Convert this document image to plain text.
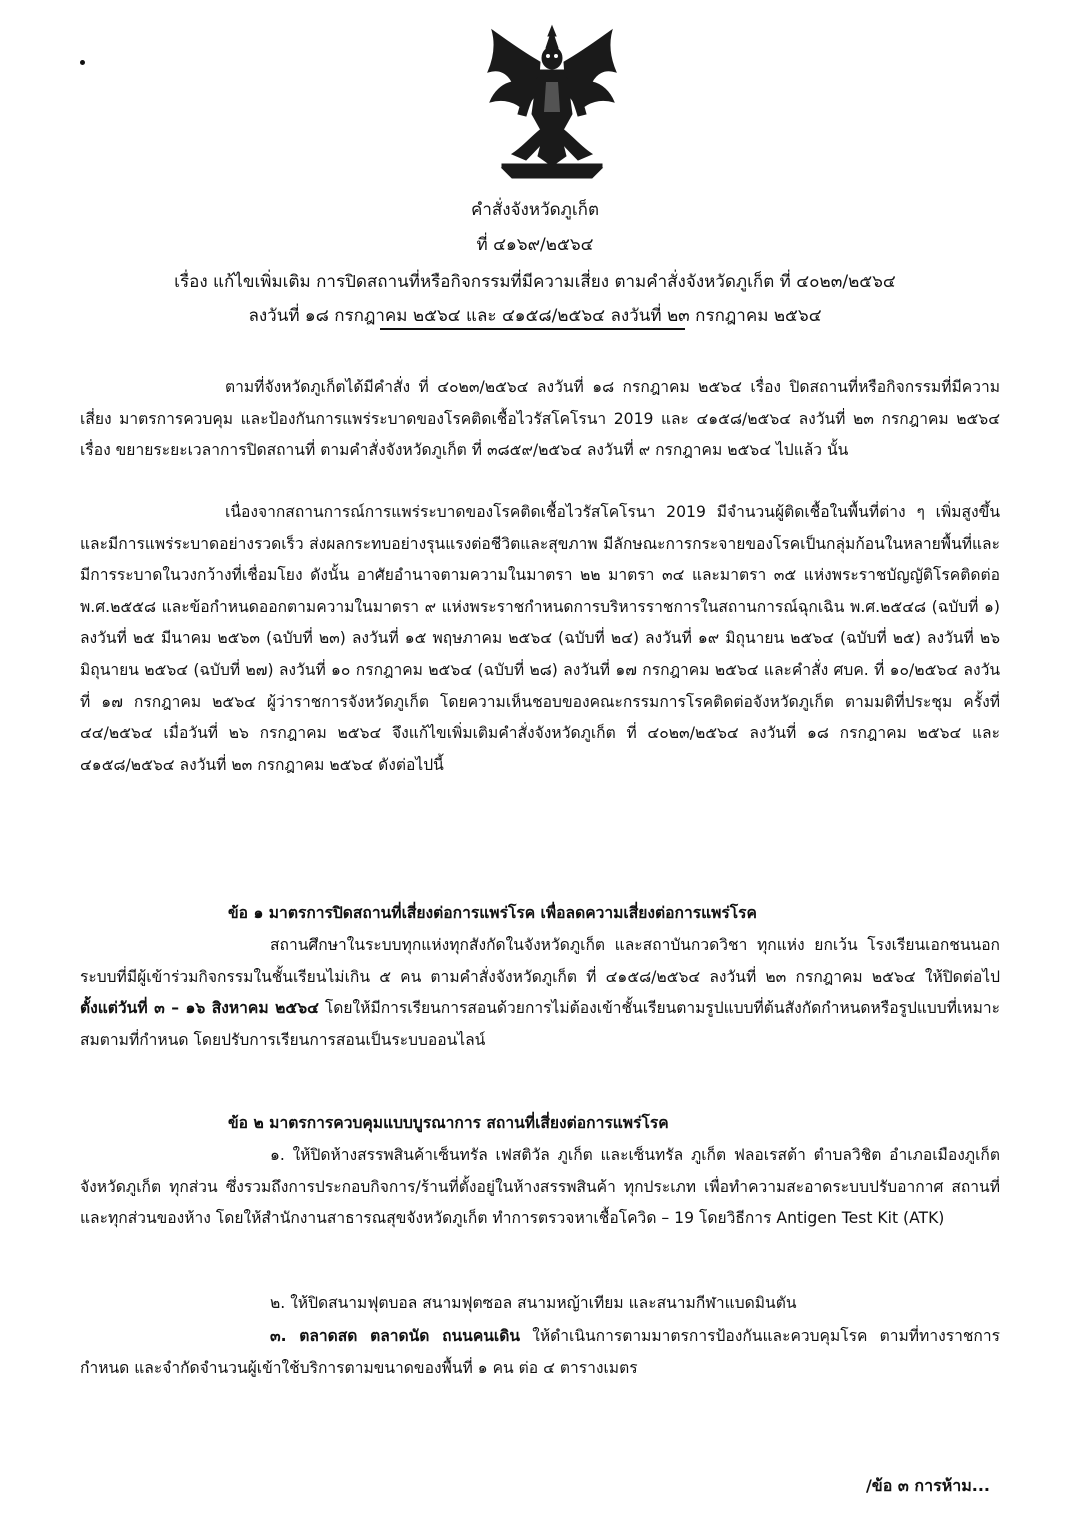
คำสั่งจังหวัดภูเก็ต
ที่ ๔๑๖๙/๒๕๖๔
เรื่อง แก้ไขเพิ่มเติม การปิดสถานที่หรือกิจกรรมที่มีความเสี่ยง ตามคำสั่งจังหวัดภูเก็ต ที่ ๔๐๒๓/๒๕๖๔
ลงวันที่ ๑๘ กรกฎาคม ๒๕๖๔ และ ๔๑๕๘/๒๕๖๔ ลงวันที่ ๒๓ กรกฎาคม ๒๕๖๔
ตามที่จังหวัดภูเก็ตได้มีคำสั่ง ที่ ๔๐๒๓/๒๕๖๔ ลงวันที่ ๑๘ กรกฎาคม ๒๕๖๔ เรื่อง ปิดสถานที่หรือกิจกรรมที่มีความเสี่ยง มาตรการควบคุม และป้องกันการแพร่ระบาดของโรคติดเชื้อไวรัสโคโรนา 2019 และ ๔๑๕๘/๒๕๖๔ ลงวันที่ ๒๓ กรกฎาคม ๒๕๖๔ เรื่อง ขยายระยะเวลาการปิดสถานที่ ตามคำสั่งจังหวัดภูเก็ต ที่ ๓๘๕๙/๒๕๖๔ ลงวันที่ ๙ กรกฎาคม ๒๕๖๔ ไปแล้ว นั้น
เนื่องจากสถานการณ์การแพร่ระบาดของโรคติดเชื้อไวรัสโคโรนา 2019 มีจำนวนผู้ติดเชื้อในพื้นที่ต่าง ๆ เพิ่มสูงขึ้น และมีการแพร่ระบาดอย่างรวดเร็ว ส่งผลกระทบอย่างรุนแรงต่อชีวิตและสุขภาพ มีลักษณะการกระจายของโรคเป็นกลุ่มก้อนในหลายพื้นที่และมีการระบาดในวงกว้างที่เชื่อมโยง ดังนั้น อาศัยอำนาจตามความในมาตรา ๒๒ มาตรา ๓๔ และมาตรา ๓๕ แห่งพระราชบัญญัติโรคติดต่อ พ.ศ.๒๕๕๘ และข้อกำหนดออกตามความในมาตรา ๙ แห่งพระราชกำหนดการบริหารราชการในสถานการณ์ฉุกเฉิน พ.ศ.๒๕๔๘ (ฉบับที่ ๑) ลงวันที่ ๒๕ มีนาคม ๒๕๖๓ (ฉบับที่ ๒๓) ลงวันที่ ๑๕ พฤษภาคม ๒๕๖๔ (ฉบับที่ ๒๔) ลงวันที่ ๑๙ มิถุนายน ๒๕๖๔ (ฉบับที่ ๒๕) ลงวันที่ ๒๖ มิถุนายน ๒๕๖๔ (ฉบับที่ ๒๗) ลงวันที่ ๑๐ กรกฎาคม ๒๕๖๔ (ฉบับที่ ๒๘) ลงวันที่ ๑๗ กรกฎาคม ๒๕๖๔ และคำสั่ง ศบค. ที่ ๑๐/๒๕๖๔ ลงวันที่ ๑๗ กรกฎาคม ๒๕๖๔ ผู้ว่าราชการจังหวัดภูเก็ต โดยความเห็นชอบของคณะกรรมการโรคติดต่อจังหวัดภูเก็ต ตามมติที่ประชุม ครั้งที่ ๔๔/๒๕๖๔ เมื่อวันที่ ๒๖ กรกฎาคม ๒๕๖๔ จึงแก้ไขเพิ่มเติมคำสั่งจังหวัดภูเก็ต ที่ ๔๐๒๓/๒๕๖๔ ลงวันที่ ๑๘ กรกฎาคม ๒๕๖๔ และ ๔๑๕๘/๒๕๖๔ ลงวันที่ ๒๓ กรกฎาคม ๒๕๖๔ ดังต่อไปนี้
ข้อ ๑ มาตรการปิดสถานที่เสี่ยงต่อการแพร่โรค เพื่อลดความเสี่ยงต่อการแพร่โรค
สถานศึกษาในระบบทุกแห่งทุกสังกัดในจังหวัดภูเก็ต และสถาบันกวดวิชา ทุกแห่ง ยกเว้น โรงเรียนเอกชนนอกระบบที่มีผู้เข้าร่วมกิจกรรมในชั้นเรียนไม่เกิน ๕ คน ตามคำสั่งจังหวัดภูเก็ต ที่ ๔๑๕๘/๒๕๖๔ ลงวันที่ ๒๓ กรกฎาคม ๒๕๖๔ ให้ปิดต่อไป ตั้งแต่วันที่ ๓ – ๑๖ สิงหาคม ๒๕๖๔ โดยให้มีการเรียนการสอนด้วยการไม่ต้องเข้าชั้นเรียนตามรูปแบบที่ต้นสังกัดกำหนดหรือรูปแบบที่เหมาะสมตามที่กำหนด โดยปรับการเรียนการสอนเป็นระบบออนไลน์
ข้อ ๒ มาตรการควบคุมแบบบูรณาการ สถานที่เสี่ยงต่อการแพร่โรค
๑. ให้ปิดห้างสรรพสินค้าเซ็นทรัล เฟสติวัล ภูเก็ต และเซ็นทรัล ภูเก็ต ฟลอเรสต้า ตำบลวิชิต อำเภอเมืองภูเก็ต จังหวัดภูเก็ต ทุกส่วน ซึ่งรวมถึงการประกอบกิจการ/ร้านที่ตั้งอยู่ในห้างสรรพสินค้า ทุกประเภท เพื่อทำความสะอาดระบบปรับอากาศ สถานที่ และทุกส่วนของห้าง โดยให้สำนักงานสาธารณสุขจังหวัดภูเก็ต ทำการตรวจหาเชื้อโควิด – 19 โดยวิธีการ Antigen Test Kit (ATK)
๒. ให้ปิดสนามฟุตบอล สนามฟุตซอล สนามหญ้าเทียม และสนามกีฬาแบดมินตัน
๓. ตลาดสด ตลาดนัด ถนนคนเดิน ให้ดำเนินการตามมาตรการป้องกันและควบคุมโรค ตามที่ทางราชการกำหนด และจำกัดจำนวนผู้เข้าใช้บริการตามขนาดของพื้นที่ ๑ คน ต่อ ๔ ตารางเมตร
/ข้อ ๓ การห้าม...
